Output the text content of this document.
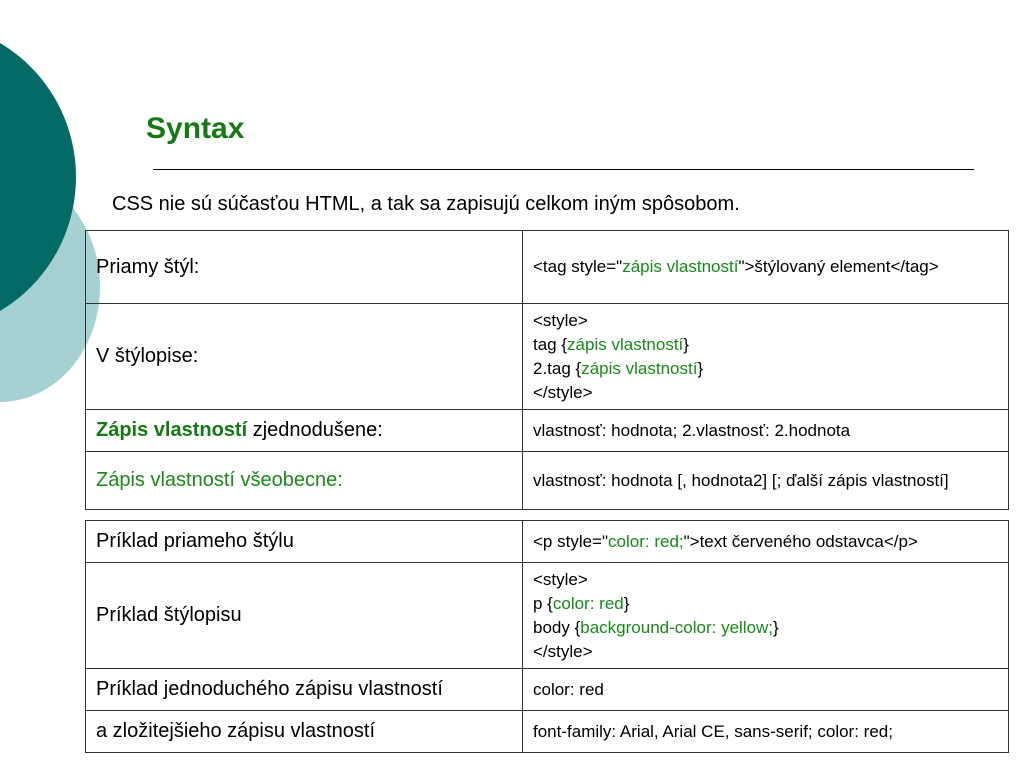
Syntax
CSS nie sú súčasťou HTML, a tak sa zapisujú celkom iným spôsobom.
Priamy štýl:	<tag style="zápis vlastností">štýlovaný element</tag>
V štýlopise:	<style>
tag {zápis vlastností}
2.tag {zápis vlastností}
</style>

Zápis vlastností zjednodušene:	vlastnosť: hodnota; 2.vlastnosť: 2.hodnota
Zápis vlastností všeobecne:	vlastnosť: hodnota [, hodnota2] [; ďalší zápis vlastností]
Príklad priameho štýlu	<p style="color: red;">text červeného odstavca</p>
Príklad štýlopisu	<style>
p {color: red}
body {background-color: yellow;}
</style>

Príklad jednoduchého zápisu vlastností	color: red
a zložitejšieho zápisu vlastností	font-family: Arial, Arial CE, sans-serif; color: red;
